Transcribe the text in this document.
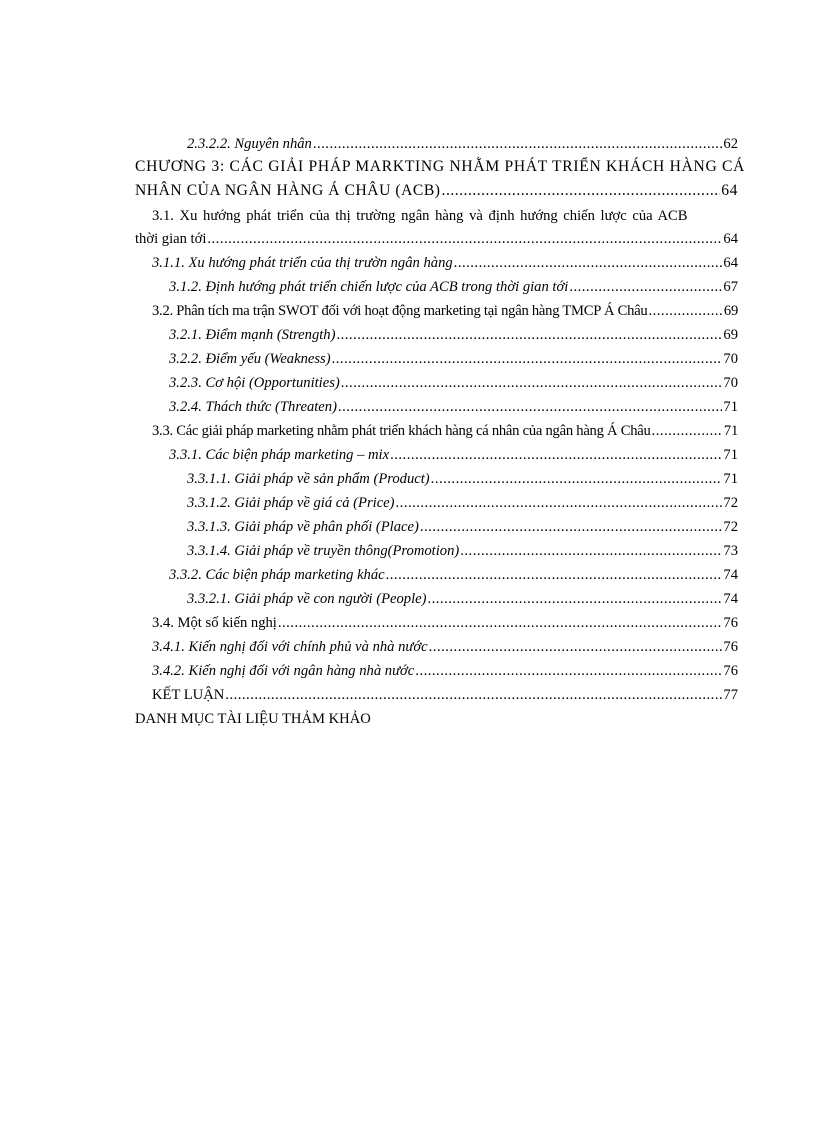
2.3.2.2. Nguyên nhân .....	62
CHƯƠNG 3: CÁC GIẢI PHÁP MARKTING NHẰM PHÁT TRIỂN KHÁCH HÀNG CÁ
NHÂN CỦA NGÂN HÀNG Á CHÂU (ACB) .....	64
3.1. Xu hướng phát triển của thị trường ngân hàng và định hướng chiến lược của ACB
thời gian tới .....	64
3.1.1. Xu hướng phát triển của thị trườn ngân hàng .....	64
3.1.2. Định hướng phát triển chiến lược của ACB trong thời gian tới .....	67
3.2. Phân tích ma trận SWOT đối với hoạt động marketing tại ngân hàng TMCP Á Châu .....	69
3.2.1. Điểm mạnh (Strength) .....	69
3.2.2. Điểm yếu (Weakness) .....	70
3.2.3. Cơ hội (Opportunities) .....	70
3.2.4. Thách thức (Threaten) .....	71
3.3. Các giải pháp marketing nhằm phát triển khách hàng cá nhân của ngân hàng Á Châu .....	71
3.3.1. Các biện pháp marketing – mix .....	71
3.3.1.1. Giải pháp về sản phẩm (Product) .....	71
3.3.1.2. Giải pháp về giá cả (Price) .....	72
3.3.1.3. Giải pháp về phân phối (Place) .....	72
3.3.1.4. Giải pháp về truyền thông(Promotion) .....	73
3.3.2. Các biện pháp marketing khác .....	74
3.3.2.1. Giải pháp về con người (People) .....	74
3.4. Một số kiến nghị .....	76
3.4.1. Kiến nghị đối với chính phủ và nhà nước .....	76
3.4.2. Kiến nghị đối với ngân hàng nhà nước .....	76
KẾT LUẬN .....	77
DANH MỤC TÀI LIỆU THẢM KHẢO
